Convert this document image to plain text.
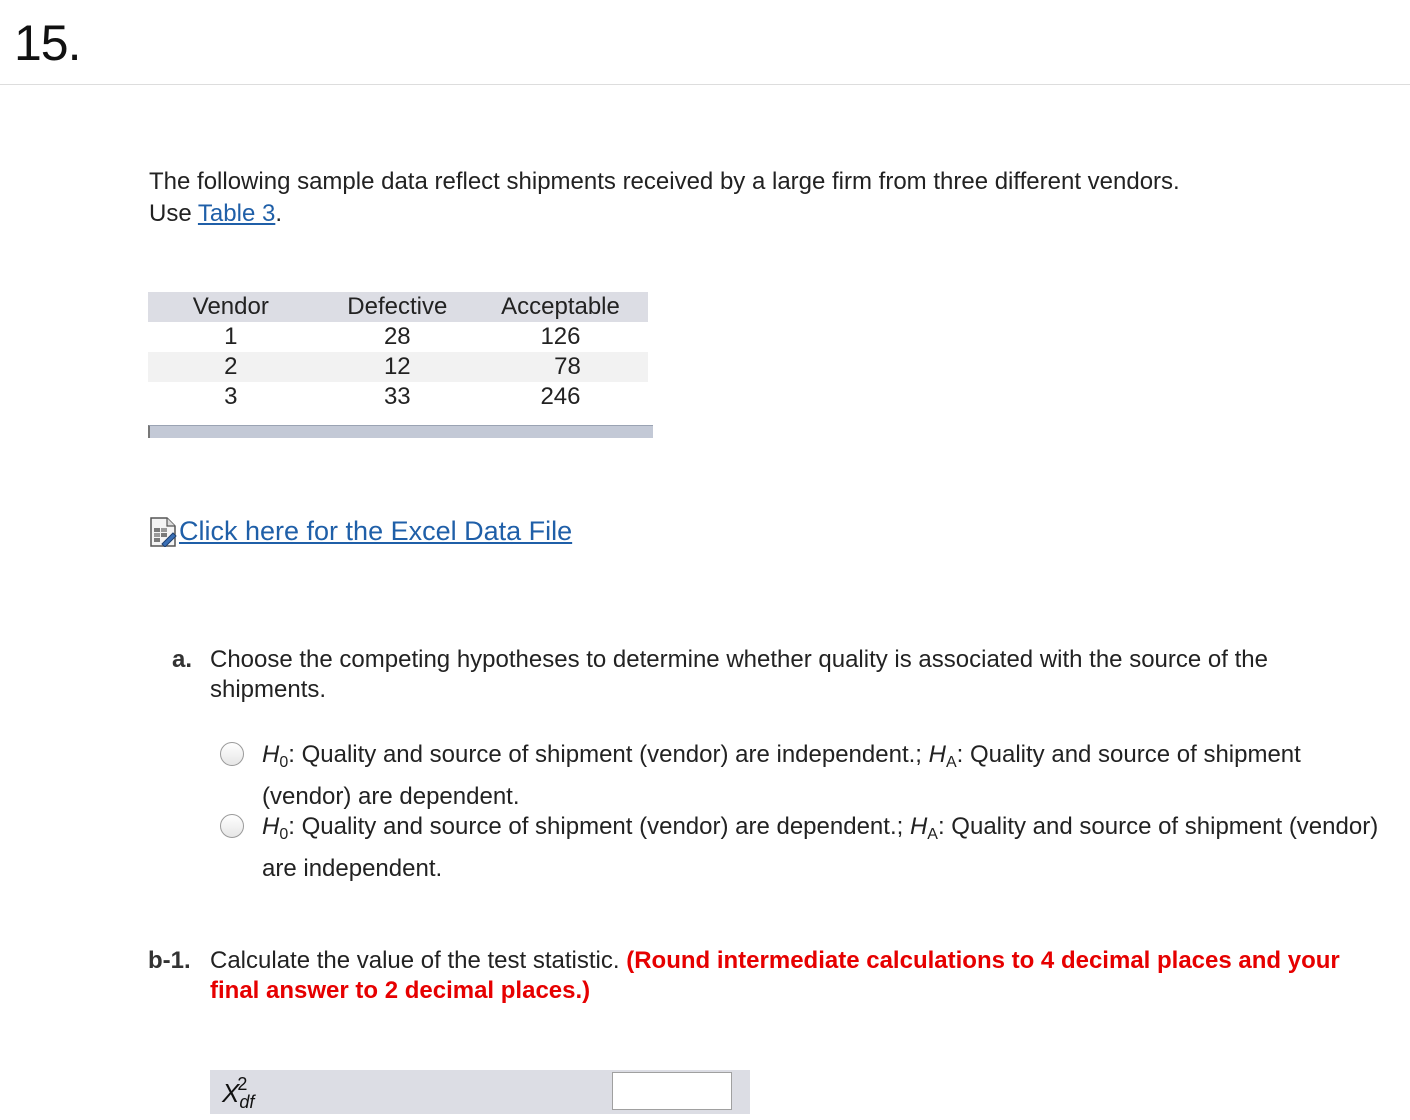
15.
The following sample data reflect shipments received by a large firm from three different vendors.
Use Table 3.
Vendor	Defective	Acceptable
1	28	126
2	12	78
3	33	246
Click here for the Excel Data File
a. Choose the competing hypotheses to determine whether quality is associated with the source of the shipments.
$H_0$: Quality and source of shipment (vendor) are independent.; $H_A$: Quality and source of shipment (vendor) are dependent.
$H_0$: Quality and source of shipment (vendor) are dependent.; $H_A$: Quality and source of shipment (vendor) are independent.
b-1. Calculate the value of the test statistic. (Round intermediate calculations to 4 decimal places and your final answer to 2 decimal places.)
$X^2_{df}$
